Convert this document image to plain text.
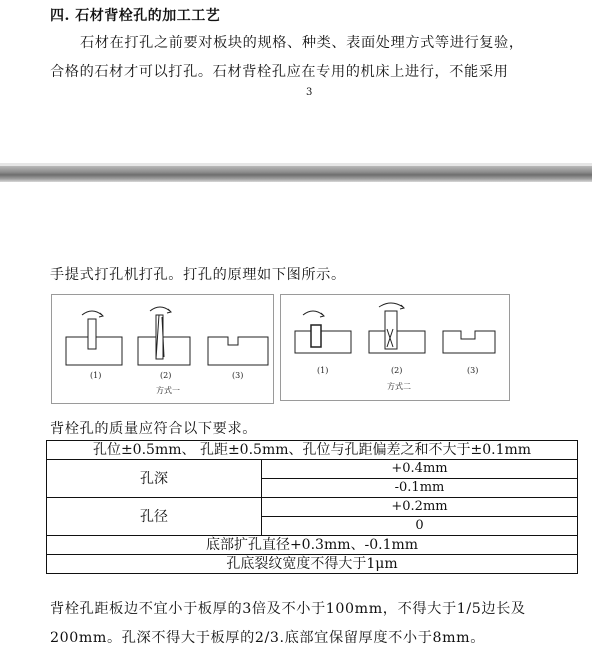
四. 石材背栓孔的加工工艺
石材在打孔之前要对板块的规格、种类、表面处理方式等进行复验，
合格的石材才可以打孔。石材背栓孔应在专用的机床上进行，不能采用
3
手提式打孔机打孔。打孔的原理如下图所示。
(1)	(2)	(3)
方式一
(1)	(2)	(3)
方式二
背栓孔的质量应符合以下要求。
孔位±0.5mm、 孔距±0.5mm、孔位与孔距偏差之和不大于±0.1mm	
孔深	+0.4mm
	-0.1mm
孔径	+0.2mm
	0
底部扩孔直径+0.3mm、-0.1mm	
孔底裂纹宽度不得大于1μm	
背栓孔距板边不宜小于板厚的3倍及不小于100mm，不得大于1/5边长及
200mm。孔深不得大于板厚的2/3.底部宜保留厚度不小于8mm。
